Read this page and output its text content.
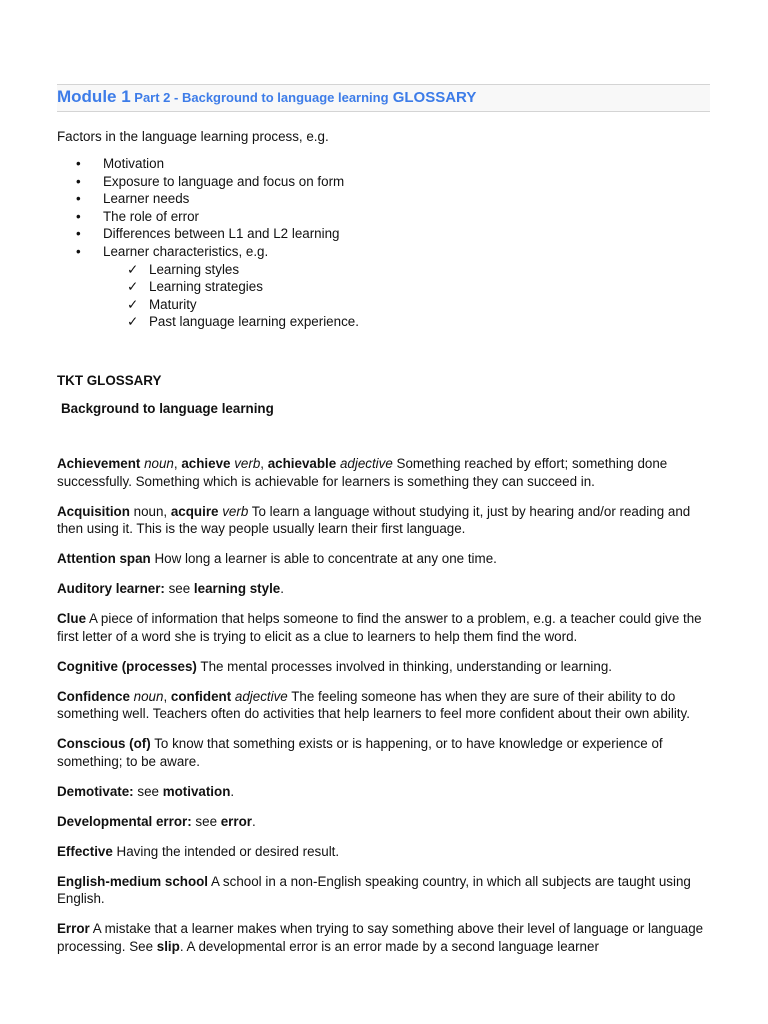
Module 1 Part 2 - Background to language learning GLOSSARY
Factors in the language learning process, e.g.
• Motivation
• Exposure to language and focus on form
• Learner needs
• The role of error
• Differences between L1 and L2 learning
• Learner characteristics, e.g.
✓ Learning styles
✓ Learning strategies
✓ Maturity
✓ Past language learning experience.
TKT GLOSSARY
Background to language learning
Achievement noun, achieve verb, achievable adjective Something reached by effort; something done successfully. Something which is achievable for learners is something they can succeed in.
Acquisition noun, acquire verb To learn a language without studying it, just by hearing and/or reading and then using it. This is the way people usually learn their first language.
Attention span How long a learner is able to concentrate at any one time.
Auditory learner: see learning style.
Clue A piece of information that helps someone to find the answer to a problem, e.g. a teacher could give the first letter of a word she is trying to elicit as a clue to learners to help them find the word.
Cognitive (processes) The mental processes involved in thinking, understanding or learning.
Confidence noun, confident adjective The feeling someone has when they are sure of their ability to do something well. Teachers often do activities that help learners to feel more confident about their own ability.
Conscious (of) To know that something exists or is happening, or to have knowledge or experience of something; to be aware.
Demotivate: see motivation.
Developmental error: see error.
Effective Having the intended or desired result.
English-medium school A school in a non-English speaking country, in which all subjects are taught using English.
Error A mistake that a learner makes when trying to say something above their level of language or language processing. See slip. A developmental error is an error made by a second language learner
